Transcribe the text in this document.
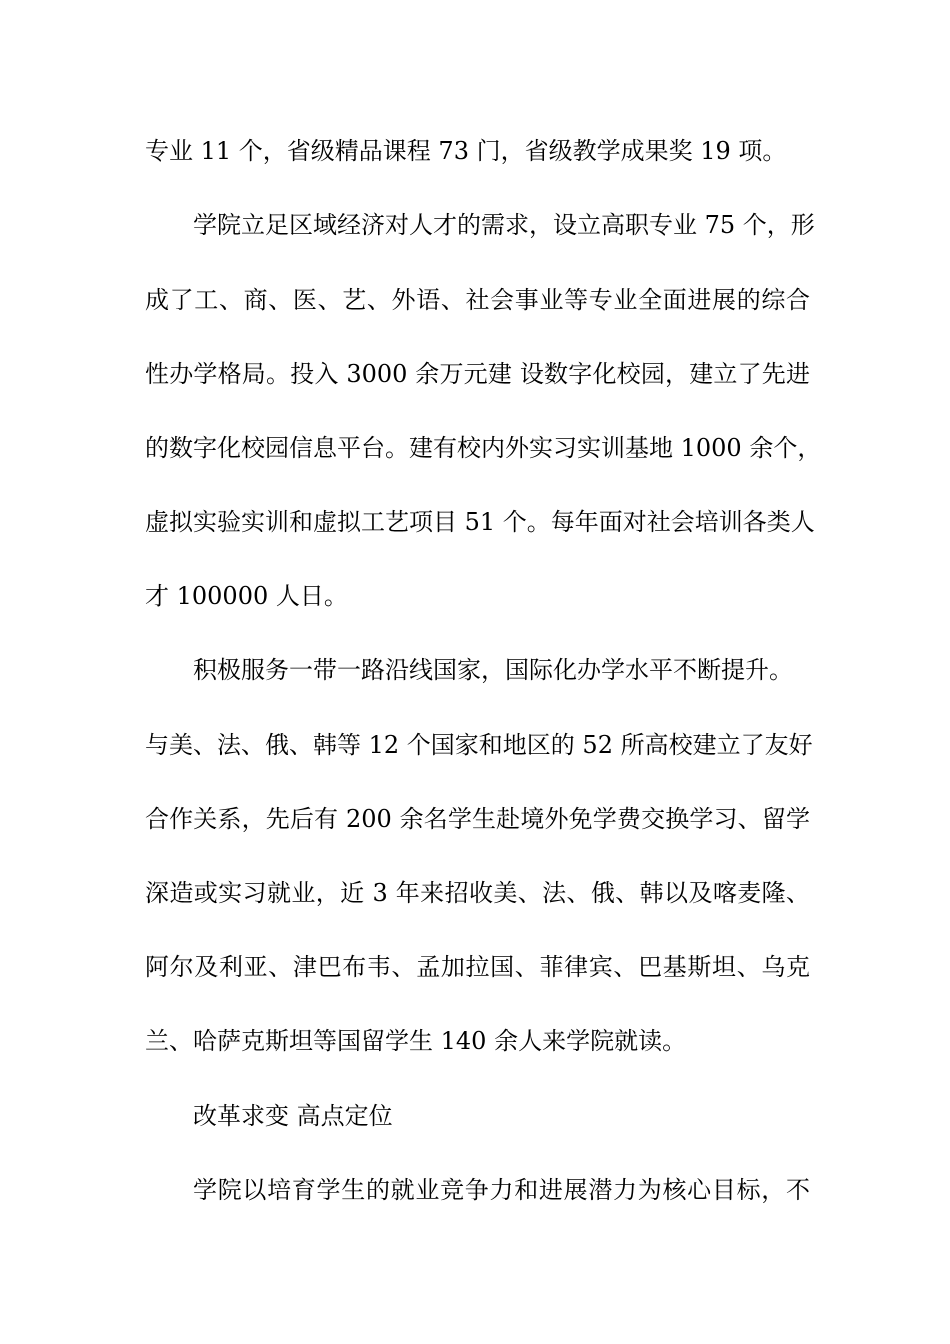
专业 11 个，省级精品课程 73 门，省级教学成果奖 19 项。
学院立足区域经济对人才的需求，设立高职专业 75 个，形
成了工、商、医、艺、外语、社会事业等专业全面进展的综合
性办学格局。投入 3000 余万元建 设数字化校园，建立了先进
的数字化校园信息平台。建有校内外实习实训基地 1000 余个，
虚拟实验实训和虚拟工艺项目 51 个。每年面对社会培训各类人
才 100000 人日。
积极服务一带一路沿线国家，国际化办学水平不断提升。
与美、法、俄、韩等 12 个国家和地区的 52 所高校建立了友好
合作关系，先后有 200 余名学生赴境外免学费交换学习、留学
深造或实习就业，近 3 年来招收美、法、俄、韩以及喀麦隆、
阿尔及利亚、津巴布韦、孟加拉国、菲律宾、巴基斯坦、乌克
兰、哈萨克斯坦等国留学生 140 余人来学院就读。
改革求变 高点定位
学院以培育学生的就业竞争力和进展潜力为核心目标，不
